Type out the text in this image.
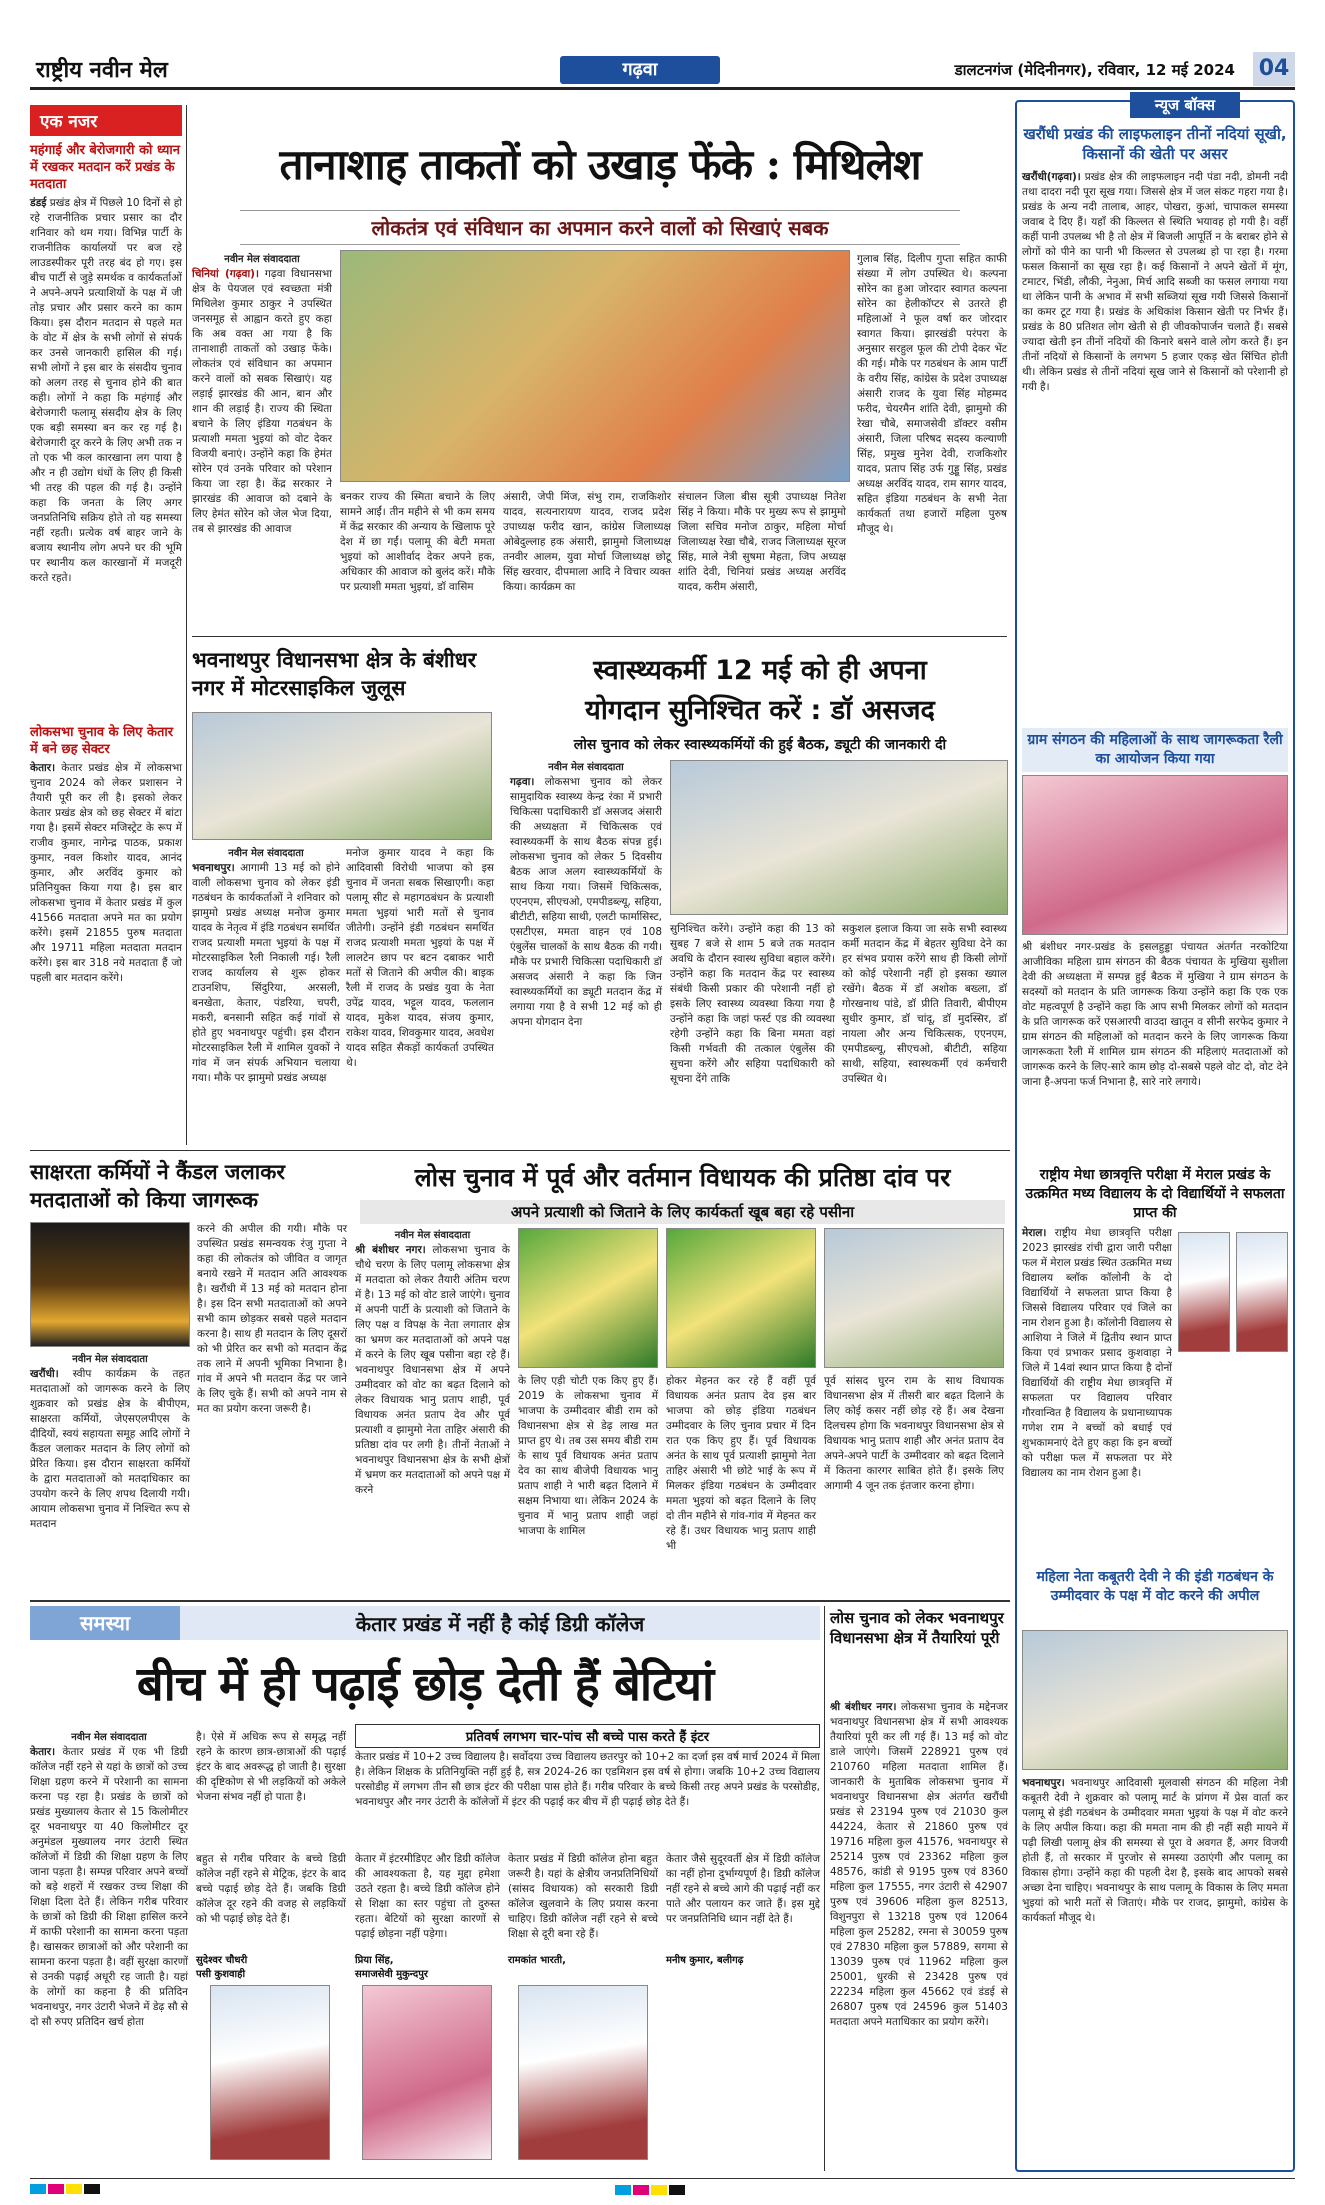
राष्ट्रीय नवीन मेल	गढ़वा	डालटनगंज (मेदिनीनगर), रविवार, 12 मई 2024 04
एक नजर
महंगाई और बेरोजगारी को ध्यान में रखकर मतदान करें प्रखंड के मतदाता
डंडई प्रखंड क्षेत्र में पिछले 10 दिनों से हो रहे राजनीतिक प्रचार प्रसार का दौर शनिवार को थम गया। विभिन्न पार्टी के राजनीतिक कार्यालयों पर बज रहे लाउडस्पीकर पूरी तरह बंद हो गए। इस बीच पार्टी से जुड़े समर्थक व कार्यकर्ताओं ने अपने-अपने प्रत्याशियों के पक्ष में जी तोड़ प्रचार और प्रसार करने का काम किया। इस दौरान मतदान से पहले मत के वोट में क्षेत्र के सभी लोगों से संपर्क कर उनसे जानकारी हासिल की गई। सभी लोगों ने इस बार के संसदीय चुनाव को अलग तरह से चुनाव होने की बात कही। लोगों ने कहा कि महंगाई और बेरोजगारी फलामू संसदीय क्षेत्र के लिए एक बड़ी समस्या बन कर रह गई है। बेरोजगारी दूर करने के लिए अभी तक न तो एक भी कल कारखाना लग पाया है और न ही उद्योग धंधों के लिए ही किसी भी तरह की पहल की गई है। उन्होंने कहा कि जनता के लिए अगर जनप्रतिनिधि सक्रिय होते तो यह समस्या नहीं रहती। प्रत्येक वर्ष बाहर जाने के बजाय स्थानीय लोग अपने घर की भूमि पर स्थानीय कल कारखानों में मजदूरी करते रहते।
लोकसभा चुनाव के लिए केतार में बने छह सेक्टर
केतार। केतार प्रखंड क्षेत्र में लोकसभा चुनाव 2024 को लेकर प्रशासन ने तैयारी पूरी कर ली है। इसको लेकर केतार प्रखंड क्षेत्र को छह सेक्टर में बांटा गया है। इसमें सेक्टर मजिस्ट्रेट के रूप में राजीव कुमार, नागेन्द्र पाठक, प्रकाश कुमार, नवल किशोर यादव, आनंद कुमार, और अरविंद कुमार को प्रतिनियुक्त किया गया है। इस बार लोकसभा चुनाव में केतार प्रखंड में कुल 41566 मतदाता अपने मत का प्रयोग करेंगे। इसमें 21855 पुरुष मतदाता और 19711 महिला मतदाता मतदान करेंगे। इस बार 318 नये मतदाता हैं जो पहली बार मतदान करेंगे।
तानाशाह ताकतों को उखाड़ फेंके : मिथिलेश
लोकतंत्र एवं संविधान का अपमान करने वालों को सिखाएं सबक
नवीन मेल संवाददाता
चिनियां (गढ़वा)। गढ़वा विधानसभा क्षेत्र के पेयजल एवं स्वच्छता मंत्री मिथिलेश कुमार ठाकुर ने उपस्थित जनसमूह से आह्वान करते हुए कहा कि अब वक्त आ गया है कि तानाशाही ताकतों को उखाड़ फेंके। लोकतंत्र एवं संविधान का अपमान करने वालों को सबक सिखाएं। यह लड़ाई झारखंड की आन, बान और शान की लड़ाई है। राज्य की स्थिता बचाने के लिए इंडिया गठबंधन के प्रत्याशी ममता भुइयां को वोट देकर विजयी बनाएं। उन्होंने कहा कि हेमंत सोरेन एवं उनके परिवार को परेशान किया जा रहा है। केंद्र सरकार ने झारखंड की आवाज को दबाने के लिए हेमंत सोरेन को जेल भेज दिया, तब से झारखंड की आवाज
बनकर राज्य की स्मिता बचाने के लिए सामने आईं। तीन महीने से भी कम समय में केंद्र सरकार की अन्याय के खिलाफ पूरे देश में छा गईं। पलामू की बेटी ममता भुइयां को आशीर्वाद देकर अपने हक, अधिकार की आवाज को बुलंद करें। मौके पर प्रत्याशी ममता भुइयां, डॉ वासिम
अंसारी, जेपी मिंज, संभु राम, राजकिशोर यादव, सत्यनारायण यादव, राजद प्रदेश उपाध्यक्ष फरीद खान, कांग्रेस जिलाध्यक्ष ओबेदुल्लाह हक अंसारी, झामुमो जिलाध्यक्ष तनवीर आलम, युवा मोर्चा जिलाध्यक्ष छोटू सिंह खरवार, दीपमाला आदि ने विचार व्यक्त किया। कार्यक्रम का
संचालन जिला बीस सूत्री उपाध्यक्ष नितेश सिंह ने किया। मौके पर मुख्य रूप से झामुमो जिला सचिव मनोज ठाकुर, महिला मोर्चा जिलाध्यक्ष रेखा चौबे, राजद जिलाध्यक्ष सूरज सिंह, माले नेत्री सुषमा मेहता, जिप अध्यक्ष शांति देवी, चिनियां प्रखंड अध्यक्ष अरविंद यादव, करीम अंसारी,
गुलाब सिंह, दिलीप गुप्ता सहित काफी संख्या में लोग उपस्थित थे। कल्पना सोरेन का हुआ जोरदार स्वागत कल्पना सोरेन का हेलीकॉप्टर से उतरते ही महिलाओं ने फूल वर्षा कर जोरदार स्वागत किया। झारखंडी परंपरा के अनुसार सरहुल फूल की टोपी देकर भेंट की गई। मौके पर गठबंधन के आम पार्टी के वरीय सिंह, कांग्रेस के प्रदेश उपाध्यक्ष अंसारी राजद के युवा सिंह मोहम्मद फरीद, चेयरमैन शांति देवी, झामुमो की रेखा चौबे, समाजसेवी डॉक्टर वसीम अंसारी, जिला परिषद सदस्य कल्याणी सिंह, प्रमुख मुनेश देवी, राजकिशोर यादव, प्रताप सिंह उर्फ गुड्डू सिंह, प्रखंड अध्यक्ष अरविंद यादव, राम सागर यादव, सहित इंडिया गठबंधन के सभी नेता कार्यकर्ता तथा हजारों महिला पुरुष मौजूद थे।
भवनाथपुर विधानसभा क्षेत्र के बंशीधर नगर में मोटरसाइकिल जुलूस
नवीन मेल संवाददाता
भवनाथपुर। आगामी 13 मई को होने वाली लोकसभा चुनाव को लेकर इंडी गठबंधन के कार्यकर्ताओं ने शनिवार को झामुमो प्रखंड अध्यक्ष मनोज कुमार यादव के नेतृत्व में इंडि गठबंधन समर्थित राजद प्रत्याशी ममता भुइयां के पक्ष में मोटरसाइकिल रैली निकाली गई। रैली राजद कार्यालय से शुरू होकर टाउनशिप, सिंदुरिया, अरसली, बनखेता, केतार, पंडरिया, चपरी, मकरी, बनसानी सहित कई गांवों से होते हुए भवनाथपुर पहुंची। इस दौरान मोटरसाइकिल रैली में शामिल युवकों ने गांव में जन संपर्क अभियान चलाया गया। मौके पर झामुमो प्रखंड अध्यक्ष
मनोज कुमार यादव ने कहा कि आदिवासी विरोधी भाजपा को इस चुनाव में जनता सबक सिखाएगी। कहा पलामू सीट से महागठबंधन के प्रत्याशी ममता भुइयां भारी मतों से चुनाव जीतेगी। उन्होंने इंडी गठबंधन समर्थित राजद प्रत्याशी ममता भुइयां के पक्ष में लालटेन छाप पर बटन दबाकर भारी मतों से जिताने की अपील की। बाइक रैली में राजद के प्रखंड युवा के नेता उपेंद्र यादव, भट्टूल यादव, फललान यादव, मुकेश यादव, संजय कुमार, राकेश यादव, शिवकुमार यादव, अवधेश यादव सहित सैकड़ों कार्यकर्ता उपस्थित थे।
स्वास्थ्यकर्मी 12 मई को ही अपना
योगदान सुनिश्चित करें : डॉ असजद
लोस चुनाव को लेकर स्वास्थ्यकर्मियों की हुई बैठक, ड्यूटी की जानकारी दी
नवीन मेल संवाददाता
गढ़वा। लोकसभा चुनाव को लेकर सामुदायिक स्वास्थ्य केन्द्र रंका में प्रभारी चिकित्सा पदाधिकारी डॉ असजद अंसारी की अध्यक्षता में चिकित्सक एवं स्वास्थ्यकर्मी के साथ बैठक संपन्न हुई। लोकसभा चुनाव को लेकर 5 दिवसीय बैठक आज अलग स्वास्थ्यकर्मियों के साथ किया गया। जिसमें चिकित्सक, एएनएम, सीएचओ, एमपीडब्ल्यू, सहिया, बीटीटी, सहिया साथी, एलटी फार्मासिस्ट, एसटीएस, ममता वाहन एवं 108 एंबुलेंस चालकों के साथ बैठक की गयी। मौके पर प्रभारी चिकित्सा पदाधिकारी डॉ असजद अंसारी ने कहा कि जिन स्वास्थ्यकर्मियों का ड्यूटी मतदान केंद्र में लगाया गया है वे सभी 12 मई को ही अपना योगदान देना
सुनिश्चित करेंगे। उन्होंने कहा की 13 को सुबह 7 बजे से शाम 5 बजे तक मतदान अवधि के दौरान स्वास्थ सुविधा बहाल करेंगे। उन्होंने कहा कि मतदान केंद्र पर स्वास्थ्य संबंधी किसी प्रकार की परेशानी नहीं हो इसके लिए स्वास्थ्य व्यवस्था किया गया है उन्होंने कहा कि जहां फर्स्ट एड की व्यवस्था रहेगी उन्होंने कहा कि बिना ममता वहां किसी गर्भवती की तत्काल एंबुलेंस की सुचना करेंगे और सहिया पदाधिकारी को सूचना देंगे ताकि
सकुशल इलाज किया जा सके सभी स्वास्थ्य कर्मी मतदान केंद्र में बेहतर सुविधा देने का हर संभव प्रयास करेंगे साथ ही किसी लोगों को कोई परेशानी नहीं हो इसका ख्याल रखेंगे। बैठक में डॉ अशोक बख्ला, डॉ गोरखनाथ पांडे, डॉ प्रीति तिवारी, बीपीएम सुधीर कुमार, डॉ चांदू, डॉ मुदस्सिर, डॉ नायला और अन्य चिकित्सक, एएनएम, एमपीडब्ल्यू, सीएचओ, बीटीटी, सहिया साथी, सहिया, स्वास्थकर्मी एवं कर्मचारी उपस्थित थे।
साक्षरता कर्मियों ने कैंडल जलाकर मतदाताओं को किया जागरूक
नवीन मेल संवाददाता
खरौंधी। स्वीप कार्यक्रम के तहत मतदाताओं को जागरूक करने के लिए शुक्रवार को प्रखंड क्षेत्र के बीपीएम, साक्षरता कर्मियों, जेएसएलपीएस के दीदियों, स्वयं सहायता समूह आदि लोगों ने कैंडल जलाकर मतदान के लिए लोगों को प्रेरित किया। इस दौरान साक्षरता कर्मियों के द्वारा मतदाताओं को मतदाधिकार का उपयोग करने के लिए शपथ दिलायी गयी। आयाम लोकसभा चुनाव में निश्चित रूप से मतदान
करने की अपील की गयी। मौके पर उपस्थित प्रखंड समन्वयक रंजु गुप्ता ने कहा की लोकतंत्र को जीवित व जागृत बनाये रखने में मतदान अति आवश्यक है। खरौंधी में 13 मई को मतदान होना है। इस दिन सभी मतदाताओं को अपने सभी काम छोड़कर सबसे पहले मतदान करना है। साथ ही मतदान के लिए दूसरों को भी प्रेरित कर सभी को मतदान केंद्र तक लाने में अपनी भूमिका निभाना है। गांव में अपने भी मतदान केंद्र पर जाने के लिए चुके हैं। सभी को अपने नाम से मत का प्रयोग करना जरूरी है।
लोस चुनाव में पूर्व और वर्तमान विधायक की प्रतिष्ठा दांव पर
अपने प्रत्याशी को जिताने के लिए कार्यकर्ता खूब बहा रहे पसीना
नवीन मेल संवाददाता
श्री बंशीधर नगर। लोकसभा चुनाव के चौथे चरण के लिए पलामू लोकसभा क्षेत्र में मतदाता को लेकर तैयारी अंतिम चरण में है। 13 मई को वोट डाले जाएंगे। चुनाव में अपनी पार्टी के प्रत्याशी को जिताने के लिए पक्ष व विपक्ष के नेता लगातार क्षेत्र का भ्रमण कर मतदाताओं को अपने पक्ष में करने के लिए खूब पसीना बहा रहे हैं। भवनाथपुर विधानसभा क्षेत्र में अपने उम्मीदवार को वोट का बढ़त दिलाने को लेकर विधायक भानु प्रताप शाही, पूर्व विधायक अनंत प्रताप देव और पूर्व प्रत्याशी व झामुमो नेता ताहिर अंसारी की प्रतिष्ठा दांव पर लगी है। तीनों नेताओं ने भवनाथपुर विधानसभा क्षेत्र के सभी क्षेत्रों में भ्रमण कर मतदाताओं को अपने पक्ष में करने
के लिए एड़ी चोटी एक किए हुए हैं। 2019 के लोकसभा चुनाव में भाजपा के उम्मीदवार बीडी राम को विधानसभा क्षेत्र से डेढ़ लाख मत प्राप्त हुए थे। तब उस समय बीडी राम के साथ पूर्व विधायक अनंत प्रताप देव का साथ बीजेपी विधायक भानु प्रताप शाही ने भारी बढ़त दिलाने में सक्षम निभाया था। लेकिन 2024 के चुनाव में भानु प्रताप शाही जहां भाजपा के शामिल
होकर मेहनत कर रहे हैं वहीं पूर्व विधायक अनंत प्रताप देव इस बार भाजपा को छोड़ इंडिया गठबंधन उम्मीदवार के लिए चुनाव प्रचार में दिन रात एक किए हुए हैं। पूर्व विधायक अनंत के साथ पूर्व प्रत्याशी झामुमो नेता ताहिर अंसारी भी छोटे भाई के रूप में मिलकर इंडिया गठबंधन के उम्मीदवार ममता भुइयां को बढ़त दिलाने के लिए दो तीन महीने से गांव-गांव में मेहनत कर रहे हैं। उधर विधायक भानु प्रताप शाही भी
पूर्व सांसद घुरन राम के साथ विधायक विधानसभा क्षेत्र में तीसरी बार बढ़त दिलाने के लिए कोई कसर नहीं छोड़ रहे हैं। अब देखना दिलचस्प होगा कि भवनाथपुर विधानसभा क्षेत्र से विधायक भानु प्रताप शाही और अनंत प्रताप देव अपने-अपने पार्टी के उम्मीदवार को बढ़त दिलाने में कितना कारगर साबित होते हैं। इसके लिए आगामी 4 जून तक इंतजार करना होगा।
समस्या	केतार प्रखंड में नहीं है कोई डिग्री कॉलेज
बीच में ही पढ़ाई छोड़ देती हैं बेटियां
प्रतिवर्ष लगभग चार-पांच सौ बच्चे पास करते हैं इंटर
नवीन मेल संवाददाता
केतार। केतार प्रखंड में एक भी डिग्री कॉलेज नहीं रहने से यहां के छात्रों को उच्च शिक्षा ग्रहण करने में परेशानी का सामना करना पड़ रहा है। प्रखंड के छात्रों को प्रखंड मुख्यालय केतार से 15 किलोमीटर दूर भवनाथपुर या 40 किलोमीटर दूर अनुमंडल मुख्यालय नगर उंटारी स्थित कॉलेजों में डिग्री की शिक्षा ग्रहण के लिए जाना पड़ता है। सम्पन्न परिवार अपने बच्चों को बड़े शहरों में रखकर उच्च शिक्षा की शिक्षा दिला देते हैं। लेकिन गरीब परिवार के छात्रों को डिग्री की शिक्षा हासिल करने में काफी परेशानी का सामना करना पड़ता है। खासकर छात्राओं को और परेशानी का सामना करना पड़ता है। वहीं सुरक्षा कारणों से उनकी पढ़ाई अधूरी रह जाती है। यहां के लोगों का कहना है की प्रतिदिन भवनाथपुर, नगर उंटारी भेजने में डेढ़ सौ से दो सौ रुपए प्रतिदिन खर्च होता
है। ऐसे में अधिक रूप से समृद्ध नहीं रहने के कारण छात्र-छात्राओं की पढ़ाई इंटर के बाद अवरूद्ध हो जाती है। सुरक्षा की दृष्टिकोण से भी लड़कियों को अकेले भेजना संभव नहीं हो पाता है।
केतार प्रखंड में 10+2 उच्च विद्यालय है। सर्वोदया उच्च विद्यालय छतरपुर को 10+2 का दर्जा इस वर्ष मार्च 2024 में मिला है। लेकिन शिक्षक के प्रतिनियुक्ति नहीं हुई है, सत्र 2024-26 का एडमिशन इस वर्ष से होगा। जबकि 10+2 उच्च विद्यालय परसोडीह में लगभग तीन सौ छात्र इंटर की परीक्षा पास होते हैं। गरीब परिवार के बच्चे किसी तरह अपने प्रखंड के परसोडीह, भवनाथपुर और नगर उंटारी के कॉलेजों में इंटर की पढ़ाई कर बीच में ही पढ़ाई छोड़ देते हैं।
बहुत से गरीब परिवार के बच्चे डिग्री कॉलेज नहीं रहने से मेट्रिक, इंटर के बाद बच्चे पढ़ाई छोड़ देते हैं। जबकि डिग्री कॉलेज दूर रहने की वजह से लड़कियों को भी पढ़ाई छोड़ देते हैं।
सुदेश्वर चौधरी
पसी कुशवाही
केतार में इंटरमीडिएट और डिग्री कॉलेज की आवश्यकता है, यह मुद्दा हमेशा उठते रहता है। बच्चे डिग्री कॉलेज होने से शिक्षा का स्तर पहुंचा तो दुरुस्त रहता। बेटियों को सुरक्षा कारणों से पढ़ाई छोड़ना नहीं पड़ेगा।
प्रिया सिंह,
समाजसेवी मुकुन्दपुर
केतार प्रखंड में डिग्री कॉलेज होना बहुत जरूरी है। यहां के क्षेत्रीय जनप्रतिनिधियों (सांसद विधायक) को सरकारी डिग्री कॉलेज खुलवाने के लिए प्रयास करना चाहिए। डिग्री कॉलेज नहीं रहने से बच्चे शिक्षा से दूरी बना रहे हैं।
रामकांत भारती,
केतार जैसे सुदूरवर्ती क्षेत्र में डिग्री कॉलेज का नहीं होना दुर्भाग्यपूर्ण है। डिग्री कॉलेज नहीं रहने से बच्चे आगे की पढ़ाई नहीं कर पाते और पलायन कर जाते हैं। इस मुद्दे पर जनप्रतिनिधि ध्यान नहीं देते हैं।
मनीष कुमार, बलीगढ़
लोस चुनाव को लेकर भवनाथपुर विधानसभा क्षेत्र में तैयारियां पूरी
श्री बंशीधर नगर। लोकसभा चुनाव के मद्देनजर भवनाथपुर विधानसभा क्षेत्र में सभी आवश्यक तैयारियां पूरी कर ली गई हैं। 13 मई को वोट डाले जाएंगे। जिसमें 228921 पुरुष एवं 210760 महिला मतदाता शामिल हैं। जानकारी के मुताबिक लोकसभा चुनाव में भवनाथपुर विधानसभा क्षेत्र अंतर्गत खरौंधी प्रखंड से 23194 पुरुष एवं 21030 कुल 44224, केतार से 21860 पुरुष एवं 19716 महिला कुल 41576, भवनाथपुर से 25214 पुरुष एवं 23362 महिला कुल 48576, कांडी से 9195 पुरुष एवं 8360 महिला कुल 17555, नगर उंटारी से 42907 पुरुष एवं 39606 महिला कुल 82513, विशुनपुरा से 13218 पुरुष एवं 12064 महिला कुल 25282, रमना से 30059 पुरुष एवं 27830 महिला कुल 57889, सगमा से 13039 पुरुष एवं 11962 महिला कुल 25001, धुरकी से 23428 पुरुष एवं 22234 महिला कुल 45662 एवं डंडई से 26807 पुरुष एवं 24596 कुल 51403 मतदाता अपने मताधिकार का प्रयोग करेंगे।
न्यूज बॉक्स
खरौंधी प्रखंड की लाइफलाइन तीनों नदियां सूखी, किसानों की खेती पर असर
खरौंधी(गढ़वा)। प्रखंड क्षेत्र की लाइफलाइन नदी पंडा नदी, डोमनी नदी तथा दादरा नदी पूरा सूख गया। जिससे क्षेत्र में जल संकट गहरा गया है। प्रखंड के अन्य नदी तालाब, आहर, पोखरा, कुआं, चापाकल समस्या जवाब दे दिए हैं। यहाँ की किल्लत से स्थिति भयावह हो गयी है। वहीं कहीं पानी उपलब्ध भी है तो क्षेत्र में बिजली आपूर्ति न के बराबर होने से लोगों को पीने का पानी भी किल्लत से उपलब्ध हो पा रहा है। गरमा फसल किसानों का सूख रहा है। कई किसानों ने अपने खेतों में मूंग, टमाटर, भिंडी, लौकी, नेनुआ, मिर्च आदि सब्जी का फसल लगाया गया था लेकिन पानी के अभाव में सभी सब्जियां सूख गयी जिससे किसानों का कमर टूट गया है। प्रखंड के अधिकांश किसान खेती पर निर्भर हैं। प्रखंड के 80 प्रतिशत लोग खेती से ही जीवकोपार्जन चलाते हैं। सबसे ज्यादा खेती इन तीनों नदियों की किनारे बसने वाले लोग करते हैं। इन तीनों नदियों से किसानों के लगभग 5 हजार एकड़ खेत सिंचित होती थी। लेकिन प्रखंड से तीनों नदियां सूख जाने से किसानों को परेशानी हो गयी है।
ग्राम संगठन की महिलाओं के साथ जागरूकता रैली का आयोजन किया गया
श्री बंशीधर नगर-प्रखंड के इसलहुड्डा पंचायत अंतर्गत नरकोटिया आजीविका महिला ग्राम संगठन की बैठक पंचायत के मुखिया सुशीला देवी की अध्यक्षता में सम्पन्न हुई बैठक में मुखिया ने ग्राम संगठन के सदस्यों को मतदान के प्रति जागरूक किया उन्होंने कहा कि एक एक वोट महत्वपूर्ण है उन्होंने कहा कि आप सभी मिलकर लोगों को मतदान के प्रति जागरूक करें एसआरपी वाउदा खातून व सीनी सरफेद कुमार ने ग्राम संगठन की महिलाओं को मतदान करने के लिए जागरूक किया जागरूकता रैली में शामिल ग्राम संगठन की महिलाएं मतदाताओं को जागरूक करने के लिए-सारे काम छोड़ दो-सबसे पहले वोट दो, वोट देने जाना है-अपना फर्ज निभाना है, सारे नारे लगाये।
राष्ट्रीय मेधा छात्रवृत्ति परीक्षा में मेराल प्रखंड के उत्क्रमित मध्य विद्यालय के दो विद्यार्थियों ने सफलता प्राप्त की
मेराल। राष्ट्रीय मेधा छात्रवृत्ति परीक्षा 2023 झारखंड रांची द्वारा जारी परीक्षा फल में मेराल प्रखंड स्थित उत्क्रमित मध्य विद्यालय ब्लॉक कॉलोनी के दो विद्यार्थियों ने सफलता प्राप्त किया है जिससे विद्यालय परिवार एवं जिले का नाम रोशन हुआ है। कॉलोनी विद्यालय से आशिया ने जिले में द्वितीय स्थान प्राप्त किया एवं प्रभाकर प्रसाद कुशवाहा ने जिले में 14वां स्थान प्राप्त किया है दोनों विद्यार्थियों की राष्ट्रीय मेधा छात्रवृत्ति में सफलता पर विद्यालय परिवार गौरवान्वित है विद्यालय के प्रधानाध्यापक गणेश राम ने बच्चों को बधाई एवं शुभकामनाएं देते हुए कहा कि इन बच्चों को परीक्षा फल में सफलता पर मेरे विद्यालय का नाम रोशन हुआ है।
महिला नेता कबूतरी देवी ने की इंडी गठबंधन के उम्मीदवार के पक्ष में वोट करने की अपील
भवनाथपुर। भवनाथपुर आदिवासी मूलवासी संगठन की महिला नेत्री कबूतरी देवी ने शुक्रवार को पलामू मार्ट के प्रांगण में प्रेस वार्ता कर पलामू से इंडी गठबंधन के उम्मीदवार ममता भुइयां के पक्ष में वोट करने के लिए अपील किया। कहा की ममता नाम की ही नहीं सही मायने में पढ़ी लिखी पलामू क्षेत्र की समस्या से पूरा वे अवगत हैं, अगर विजयी होती हैं, तो सरकार में पुरजोर से समस्या उठाएंगी और पलामू का विकास होगा। उन्होंने कहा की पहली देश है, इसके बाद आपको सबसे अच्छा देना चाहिए। भवनाथपुर के साथ पलामू के विकास के लिए ममता भुइयां को भारी मतों से जिताएं। मौके पर राजद, झामुमो, कांग्रेस के कार्यकर्ता मौजूद थे।
